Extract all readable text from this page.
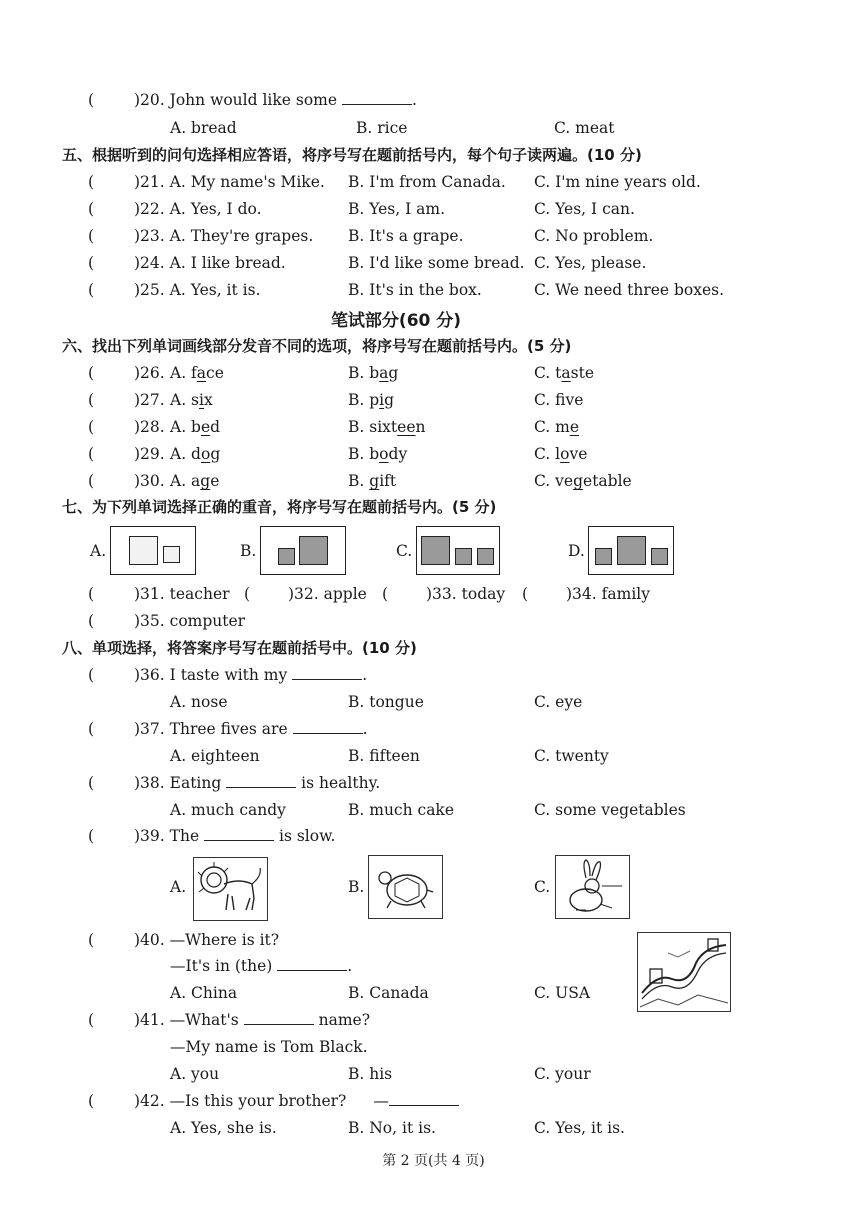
(	)20. John would like some	.
A. bread	B. rice	C. meat
五、根据听到的问句选择相应答语，将序号写在题前括号内，每个句子读两遍。(10 分)
(	)21. A. My name's Mike. B. I'm from Canada. C. I'm nine years old.
(	)22. A. Yes, I do.	B. Yes, I am.	C. Yes, I can.
(	)23. A. They're grapes. B. It's a grape.	C. No problem.
(	)24. A. I like bread.	B. I'd like some bread. C. Yes, please.
(	)25. A. Yes, it is.	B. It's in the box.	C. We need three boxes.
笔试部分(60 分)
六、找出下列单词画线部分发音不同的选项，将序号写在题前括号内。(5 分)
(	)26. A. face	B. bag	C. taste
(	)27. A. six	B. pig	C. fve
(	)28. A. bed	B. sixteen	C. me
(	)29. A. dog	B. body	C. love
(	)30. A. age	B. gift	C. vegetable
七、为下列单词选择正确的重音，将序号写在题前括号内。(5 分)
A.	B.	C.	D.
(	)31. teacher ( )32. apple ( )33. today ( )34. family
(	)35. computer
八、单项选择，将答案序号写在题前括号中。(10 分)
(	)36. I taste with my	.
A. nose	B. tongue	C. eye
(	)37. Three fives are	.
A. eighteen	B. fifteen	C. twenty
(	)38. Eating	is healthy.
A. much candy	B. much cake	C. some vegetables
(	)39. The	is slow.
A.	B.	C.
(	)40. —Where is it?
—It's in (the)	.
A. China	B. Canada	C. USA
(	)41. —What's	name?
—My name is Tom Black.
A. you	B. his	C. your
(	)42. —Is this your brother? —
A. Yes, she is.	B. No, it is.	C. Yes, it is.
第 2 页(共 4 页)
